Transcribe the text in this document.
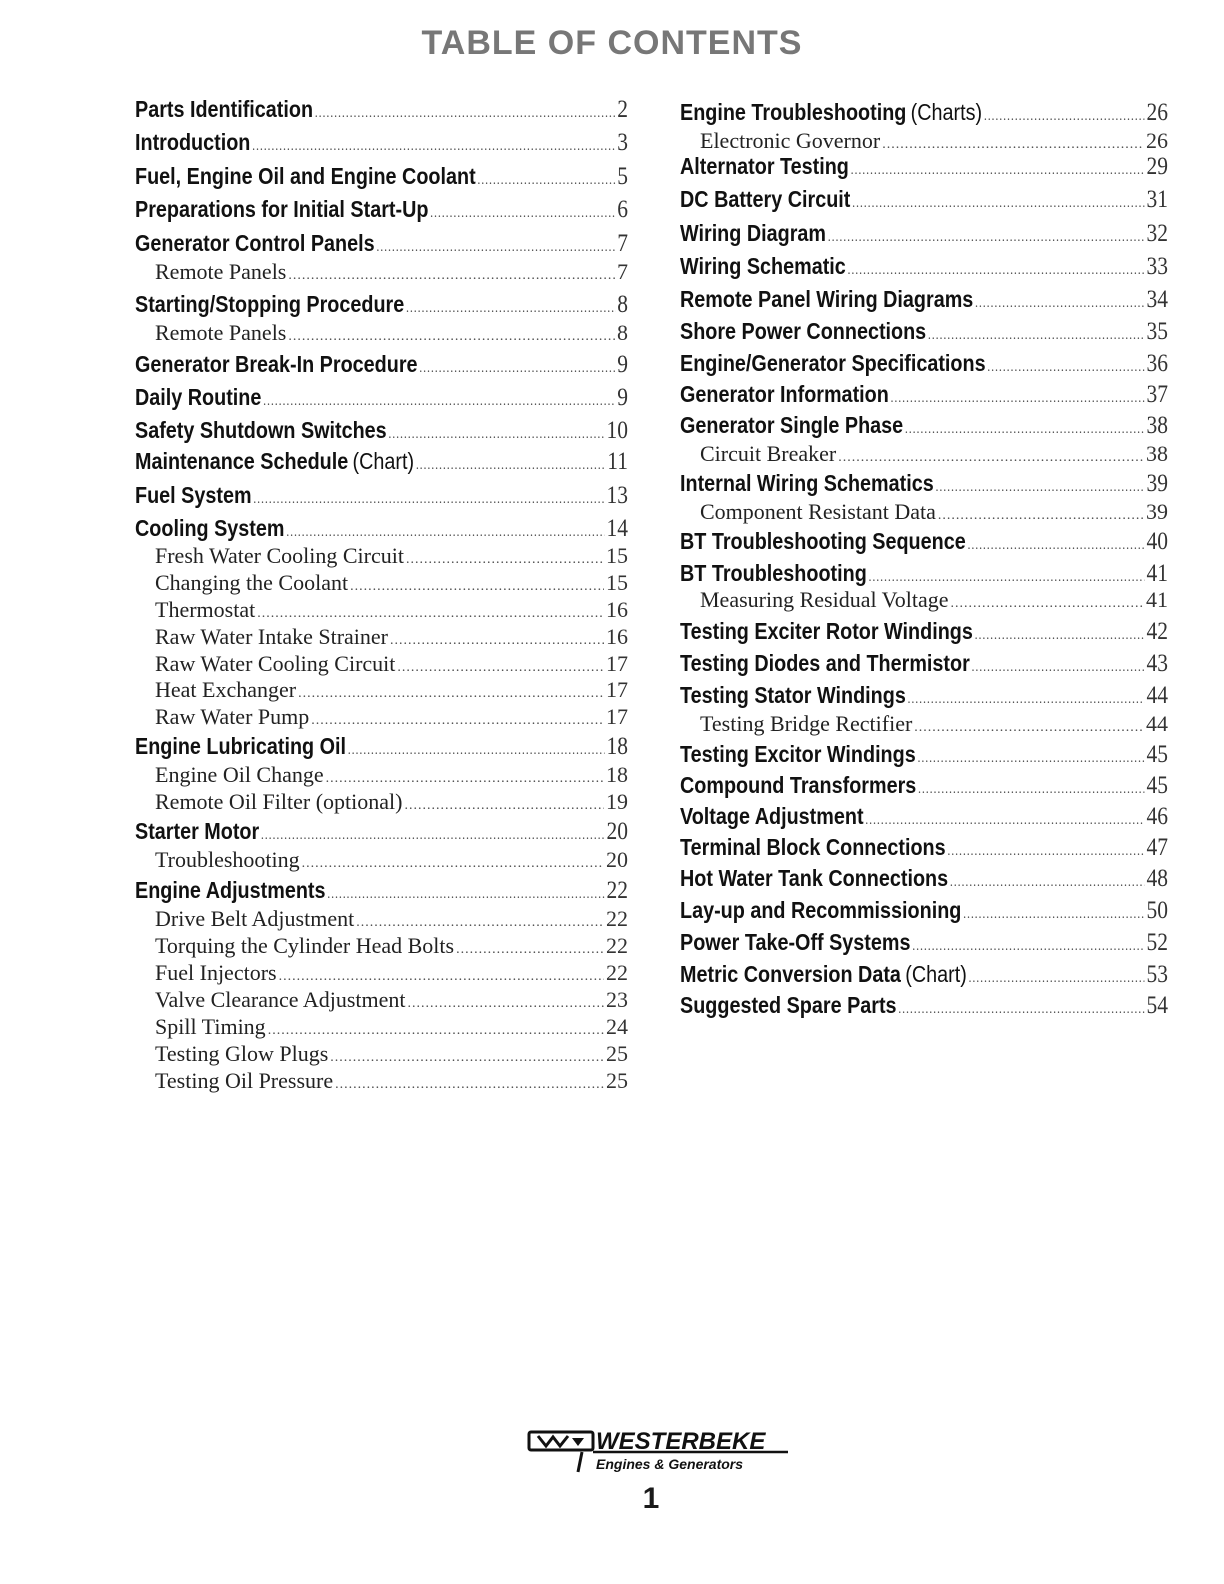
TABLE OF CONTENTS
Parts Identification .....	2
Introduction .....	3
Fuel, Engine Oil and Engine Coolant .....	5
Preparations for Initial Start-Up .....	6
Generator Control Panels .....	7
Remote Panels .....	7
Starting/Stopping Procedure .....	8
Remote Panels .....	8
Generator Break-In Procedure .....	9
Daily Routine .....	9
Safety Shutdown Switches .....	10
Maintenance Schedule (Chart) .....	11
Fuel System .....	13
Cooling System .....	14
Fresh Water Cooling Circuit .....	15
Changing the Coolant .....	15
Thermostat .....	16
Raw Water Intake Strainer .....	16
Raw Water Cooling Circuit .....	17
Heat Exchanger .....	17
Raw Water Pump .....	17
Engine Lubricating Oil .....	18
Engine Oil Change .....	18
Remote Oil Filter (optional) .....	19
Starter Motor .....	20
Troubleshooting .....	20
Engine Adjustments .....	22
Drive Belt Adjustment .....	22
Torquing the Cylinder Head Bolts .....	22
Fuel Injectors .....	22
Valve Clearance Adjustment .....	23
Spill Timing .....	24
Testing Glow Plugs .....	25
Testing Oil Pressure .....	25
Engine Troubleshooting (Charts) .....	26
Electronic Governor .....	26
Alternator Testing .....	29
DC Battery Circuit .....	31
Wiring Diagram .....	32
Wiring Schematic .....	33
Remote Panel Wiring Diagrams .....	34
Shore Power Connections .....	35
Engine/Generator Specifications .....	36
Generator Information .....	37
Generator Single Phase .....	38
Circuit Breaker .....	38
Internal Wiring Schematics .....	39
Component Resistant Data .....	39
BT Troubleshooting Sequence .....	40
BT Troubleshooting .....	41
Measuring Residual Voltage .....	41
Testing Exciter Rotor Windings .....	42
Testing Diodes and Thermistor .....	43
Testing Stator Windings .....	44
Testing Bridge Rectifier .....	44
Testing Excitor Windings .....	45
Compound Transformers .....	45
Voltage Adjustment .....	46
Terminal Block Connections .....	47
Hot Water Tank Connections .....	48
Lay-up and Recommissioning .....	50
Power Take-Off Systems .....	52
Metric Conversion Data (Chart) .....	53
Suggested Spare Parts .....	54
WESTERBEKE
Engines & Generators
1
